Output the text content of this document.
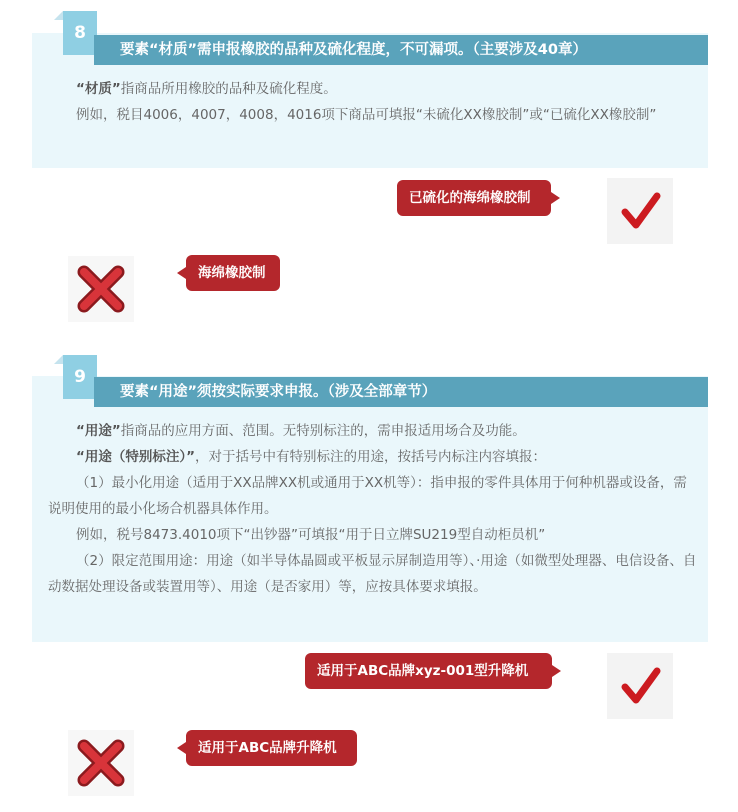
8
要素“材质”需申报橡胶的品种及硫化程度，不可漏项。（主要涉及40章）

“材质”指商品所用橡胶的品种及硫化程度。

例如，税目4006，4007，4008，4016项下商品可填报“未硫化XX橡胶制”或“已硫化XX橡胶制”

已硫化的海绵橡胶制
海绵橡胶制
9
要素“用途”须按实际要求申报。（涉及全部章节）

“用途”指商品的应用方面、范围。无特别标注的，需申报适用场合及功能。

“用途（特别标注）”，对于括号中有特别标注的用途，按括号内标注内容填报：

（1）最小化用途（适用于XX品牌XX机或通用于XX机等）：指申报的零件具体用于何种机器或设备，需说明使用的最小化场合机器具体作用。

例如，税号8473.4010项下“出钞器”可填报“用于日立牌SU219型自动柜员机”

（2）限定范围用途：用途（如半导体晶圆或平板显示屏制造用等）、·用途（如微型处理器、电信设备、自动数据处理设备或装置用等）、用途（是否家用）等，应按具体要求填报。

适用于ABC品牌xyz-001型升降机
适用于ABC品牌升降机
